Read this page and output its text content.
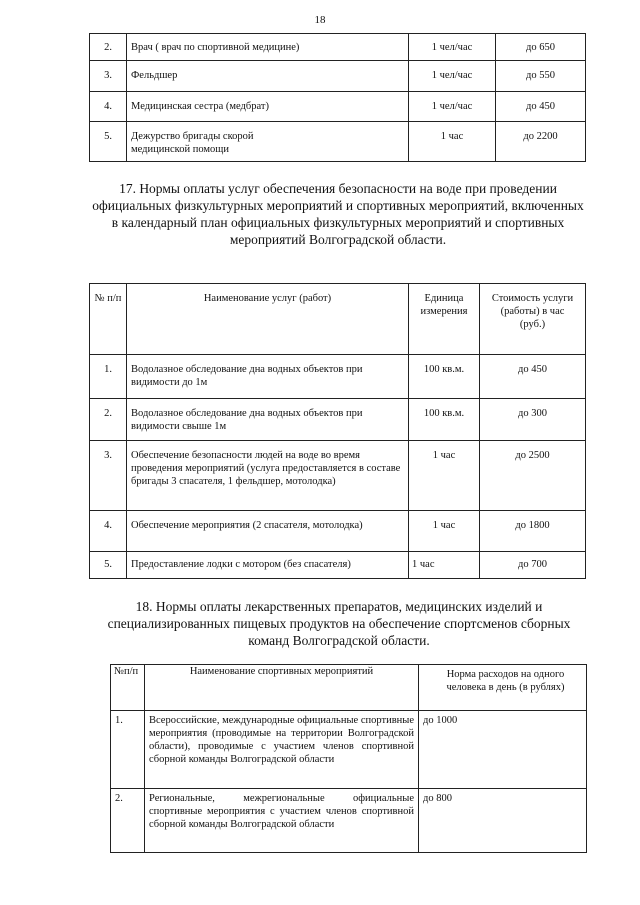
18
2.	Врач ( врач по спортивной медицине)	1 чел/час	до 650
3.	Фельдшер	1 чел/час	до 550
4.	Медицинская сестра (медбрат)	1 чел/час	до 450
5.	Дежурство бригады скорой медицинской помощи	1 час	до 2200
17. Нормы оплаты услуг обеспечения безопасности на воде при проведении официальных физкультурных мероприятий и спортивных мероприятий, включенных в календарный план официальных физкультурных мероприятий и спортивных мероприятий Волгоградской области.
№ п/п	Наименование услуг (работ)	Единица измерения	Стоимость услуги (работы) в час (руб.)
1.	Водолазное обследование дна водных объектов при видимости до 1м	100 кв.м.	до 450
2.	Водолазное обследование дна водных объектов при видимости свыше 1м	100 кв.м.	до 300
3.	Обеспечение безопасности людей на воде во время проведения мероприятий (услуга предоставляется в составе бригады 3 спасателя, 1 фельдшер, мотолодка)	1 час	до 2500
4.	Обеспечение мероприятия (2 спасателя, мотолодка)	1 час	до 1800
5.	Предоставление лодки с мотором (без спасателя)	1 час	до 700
18. Нормы оплаты лекарственных препаратов, медицинских изделий и специализированных пищевых продуктов на обеспечение спортсменов сборных команд Волгоградской области.
№п/п	Наименование спортивных мероприятий	Норма расходов на одного человека в день (в рублях)
1.	Всероссийские, международные официальные спортивные мероприятия (проводимые на территории Волгоградской области), проводимые с участием членов спортивной сборной команды Волгоградской области	до 1000
2.	Региональные, межрегиональные официальные спортивные мероприятия с участием членов спортивной сборной команды Волгоградской области	до 800
